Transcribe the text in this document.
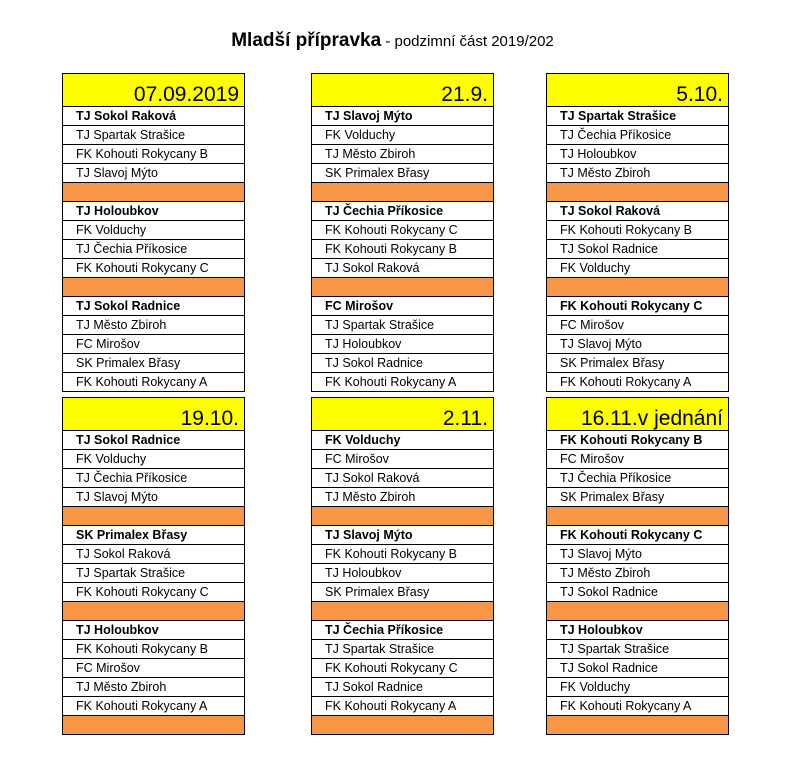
Mladší přípravka - podzimní část 2019/202
07.09.2019
TJ Sokol Raková
TJ Spartak Strašice
FK Kohouti Rokycany B
TJ Slavoj Mýto
TJ Holoubkov
FK Volduchy
TJ Čechia Příkosice
FK Kohouti Rokycany C
TJ Sokol Radnice
TJ Město Zbiroh
FC Mirošov
SK Primalex Břasy
FK Kohouti Rokycany A
21.9.
TJ Slavoj Mýto
FK Volduchy
TJ Město Zbiroh
SK Primalex Břasy
TJ Čechia Příkosice
FK Kohouti Rokycany C
FK Kohouti Rokycany B
TJ Sokol Raková
FC Mirošov
TJ Spartak Strašice
TJ Holoubkov
TJ Sokol Radnice
FK Kohouti Rokycany A
5.10.
TJ Spartak Strašice
TJ Čechia Příkosice
TJ Holoubkov
TJ Město Zbiroh
TJ Sokol Raková
FK Kohouti Rokycany B
TJ Sokol Radnice
FK Volduchy
FK Kohouti Rokycany C
FC Mirošov
TJ Slavoj Mýto
SK Primalex Břasy
FK Kohouti Rokycany A
19.10.
TJ Sokol Radnice
FK Volduchy
TJ Čechia Příkosice
TJ Slavoj Mýto
SK Primalex Břasy
TJ Sokol Raková
TJ Spartak Strašice
FK Kohouti Rokycany C
TJ Holoubkov
FK Kohouti Rokycany B
FC Mirošov
TJ Město Zbiroh
FK Kohouti Rokycany A
2.11.
FK Volduchy
FC Mirošov
TJ Sokol Raková
TJ Město Zbiroh
TJ Slavoj Mýto
FK Kohouti Rokycany B
TJ Holoubkov
SK Primalex Břasy
TJ Čechia Příkosice
TJ Spartak Strašice
FK Kohouti Rokycany C
TJ Sokol Radnice
FK Kohouti Rokycany A
16.11.v jednání
FK Kohouti Rokycany B
FC Mirošov
TJ Čechia Příkosice
SK Primalex Břasy
FK Kohouti Rokycany C
TJ Slavoj Mýto
TJ Město Zbiroh
TJ Sokol Radnice
TJ Holoubkov
TJ Spartak Strašice
TJ Sokol Radnice
FK Volduchy
FK Kohouti Rokycany A
